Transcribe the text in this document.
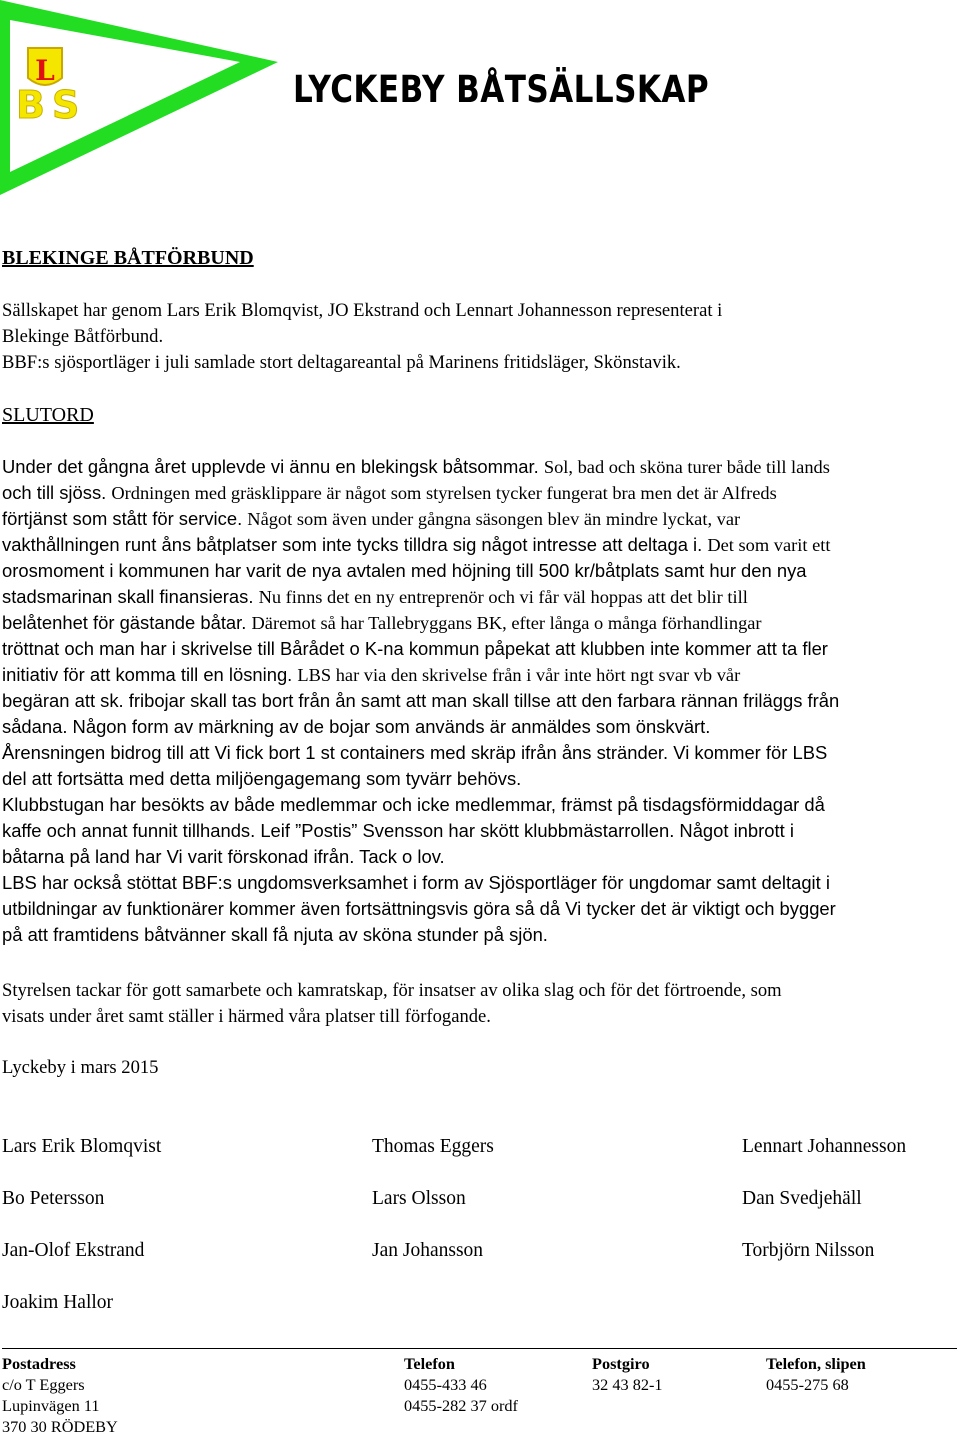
L
B S	LYCKEBY BÅTSÄLLSKAP
BLEKINGE BÅTFÖRBUND
Sällskapet har genom Lars Erik Blomqvist, JO Ekstrand och Lennart Johannesson representerat i
Blekinge Båtförbund.
BBF:s sjösportläger i juli samlade stort deltagareantal på Marinens fritidsläger, Skönstavik.
SLUTORD
Under det gångna året upplevde vi ännu en blekingsk båtsommar. Sol, bad och sköna turer både till lands
och till sjöss. Ordningen med gräsklippare är något som styrelsen tycker fungerat bra men det är Alfreds
förtjänst som stått för service. Något som även under gångna säsongen blev än mindre lyckat, var
vakthållningen runt åns båtplatser som inte tycks tilldra sig något intresse att deltaga i. Det som varit ett
orosmoment i kommunen har varit de nya avtalen med höjning till 500 kr/båtplats samt hur den nya
stadsmarinan skall finansieras. Nu finns det en ny entreprenör och vi får väl hoppas att det blir till
belåtenhet för gästande båtar. Däremot så har Tallebryggans BK, efter långa o många förhandlingar
tröttnat och man har i skrivelse till Bårådet o K-na kommun påpekat att klubben inte kommer att ta fler
initiativ för att komma till en lösning. LBS har via den skrivelse från i vår inte hört ngt svar vb vår
begäran att sk. fribojar skall tas bort från ån samt att man skall tillse att den farbara rännan friläggs från
sådana. Någon form av märkning av de bojar som används är anmäldes som önskvärt.
Årensningen bidrog till att Vi fick bort 1 st containers med skräp ifrån åns stränder. Vi kommer för LBS
del att fortsätta med detta miljöengagemang som tyvärr behövs.
Klubbstugan har besökts av både medlemmar och icke medlemmar, främst på tisdagsförmiddagar då
kaffe och annat funnit tillhands. Leif ”Postis” Svensson har skött klubbmästarrollen. Något inbrott i
båtarna på land har Vi varit förskonad ifrån. Tack o lov.
LBS har också stöttat BBF:s ungdomsverksamhet i form av Sjösportläger för ungdomar samt deltagit i
utbildningar av funktionärer kommer även fortsättningsvis göra så då Vi tycker det är viktigt och bygger
på att framtidens båtvänner skall få njuta av sköna stunder på sjön.
Styrelsen tackar för gott samarbete och kamratskap, för insatser av olika slag och för det förtroende, som
visats under året samt ställer i härmed våra platser till förfogande.

Lyckeby i mars 2015

Lars Erik Blomqvist	Thomas Eggers	Lennart Johannesson

Bo Petersson	Lars Olsson	Dan Svedjehäll

Jan-Olof Ekstrand	Jan Johansson	Torbjörn Nilsson

Joakim Hallor

Postadress	Telefon	Postgiro	Telefon, slipen

c/o T Eggers	0455-433 46	32 43 82-1	0455-275 68

Lupinvägen 11	0455-282 37 ordf

370 30 RÖDEBY
